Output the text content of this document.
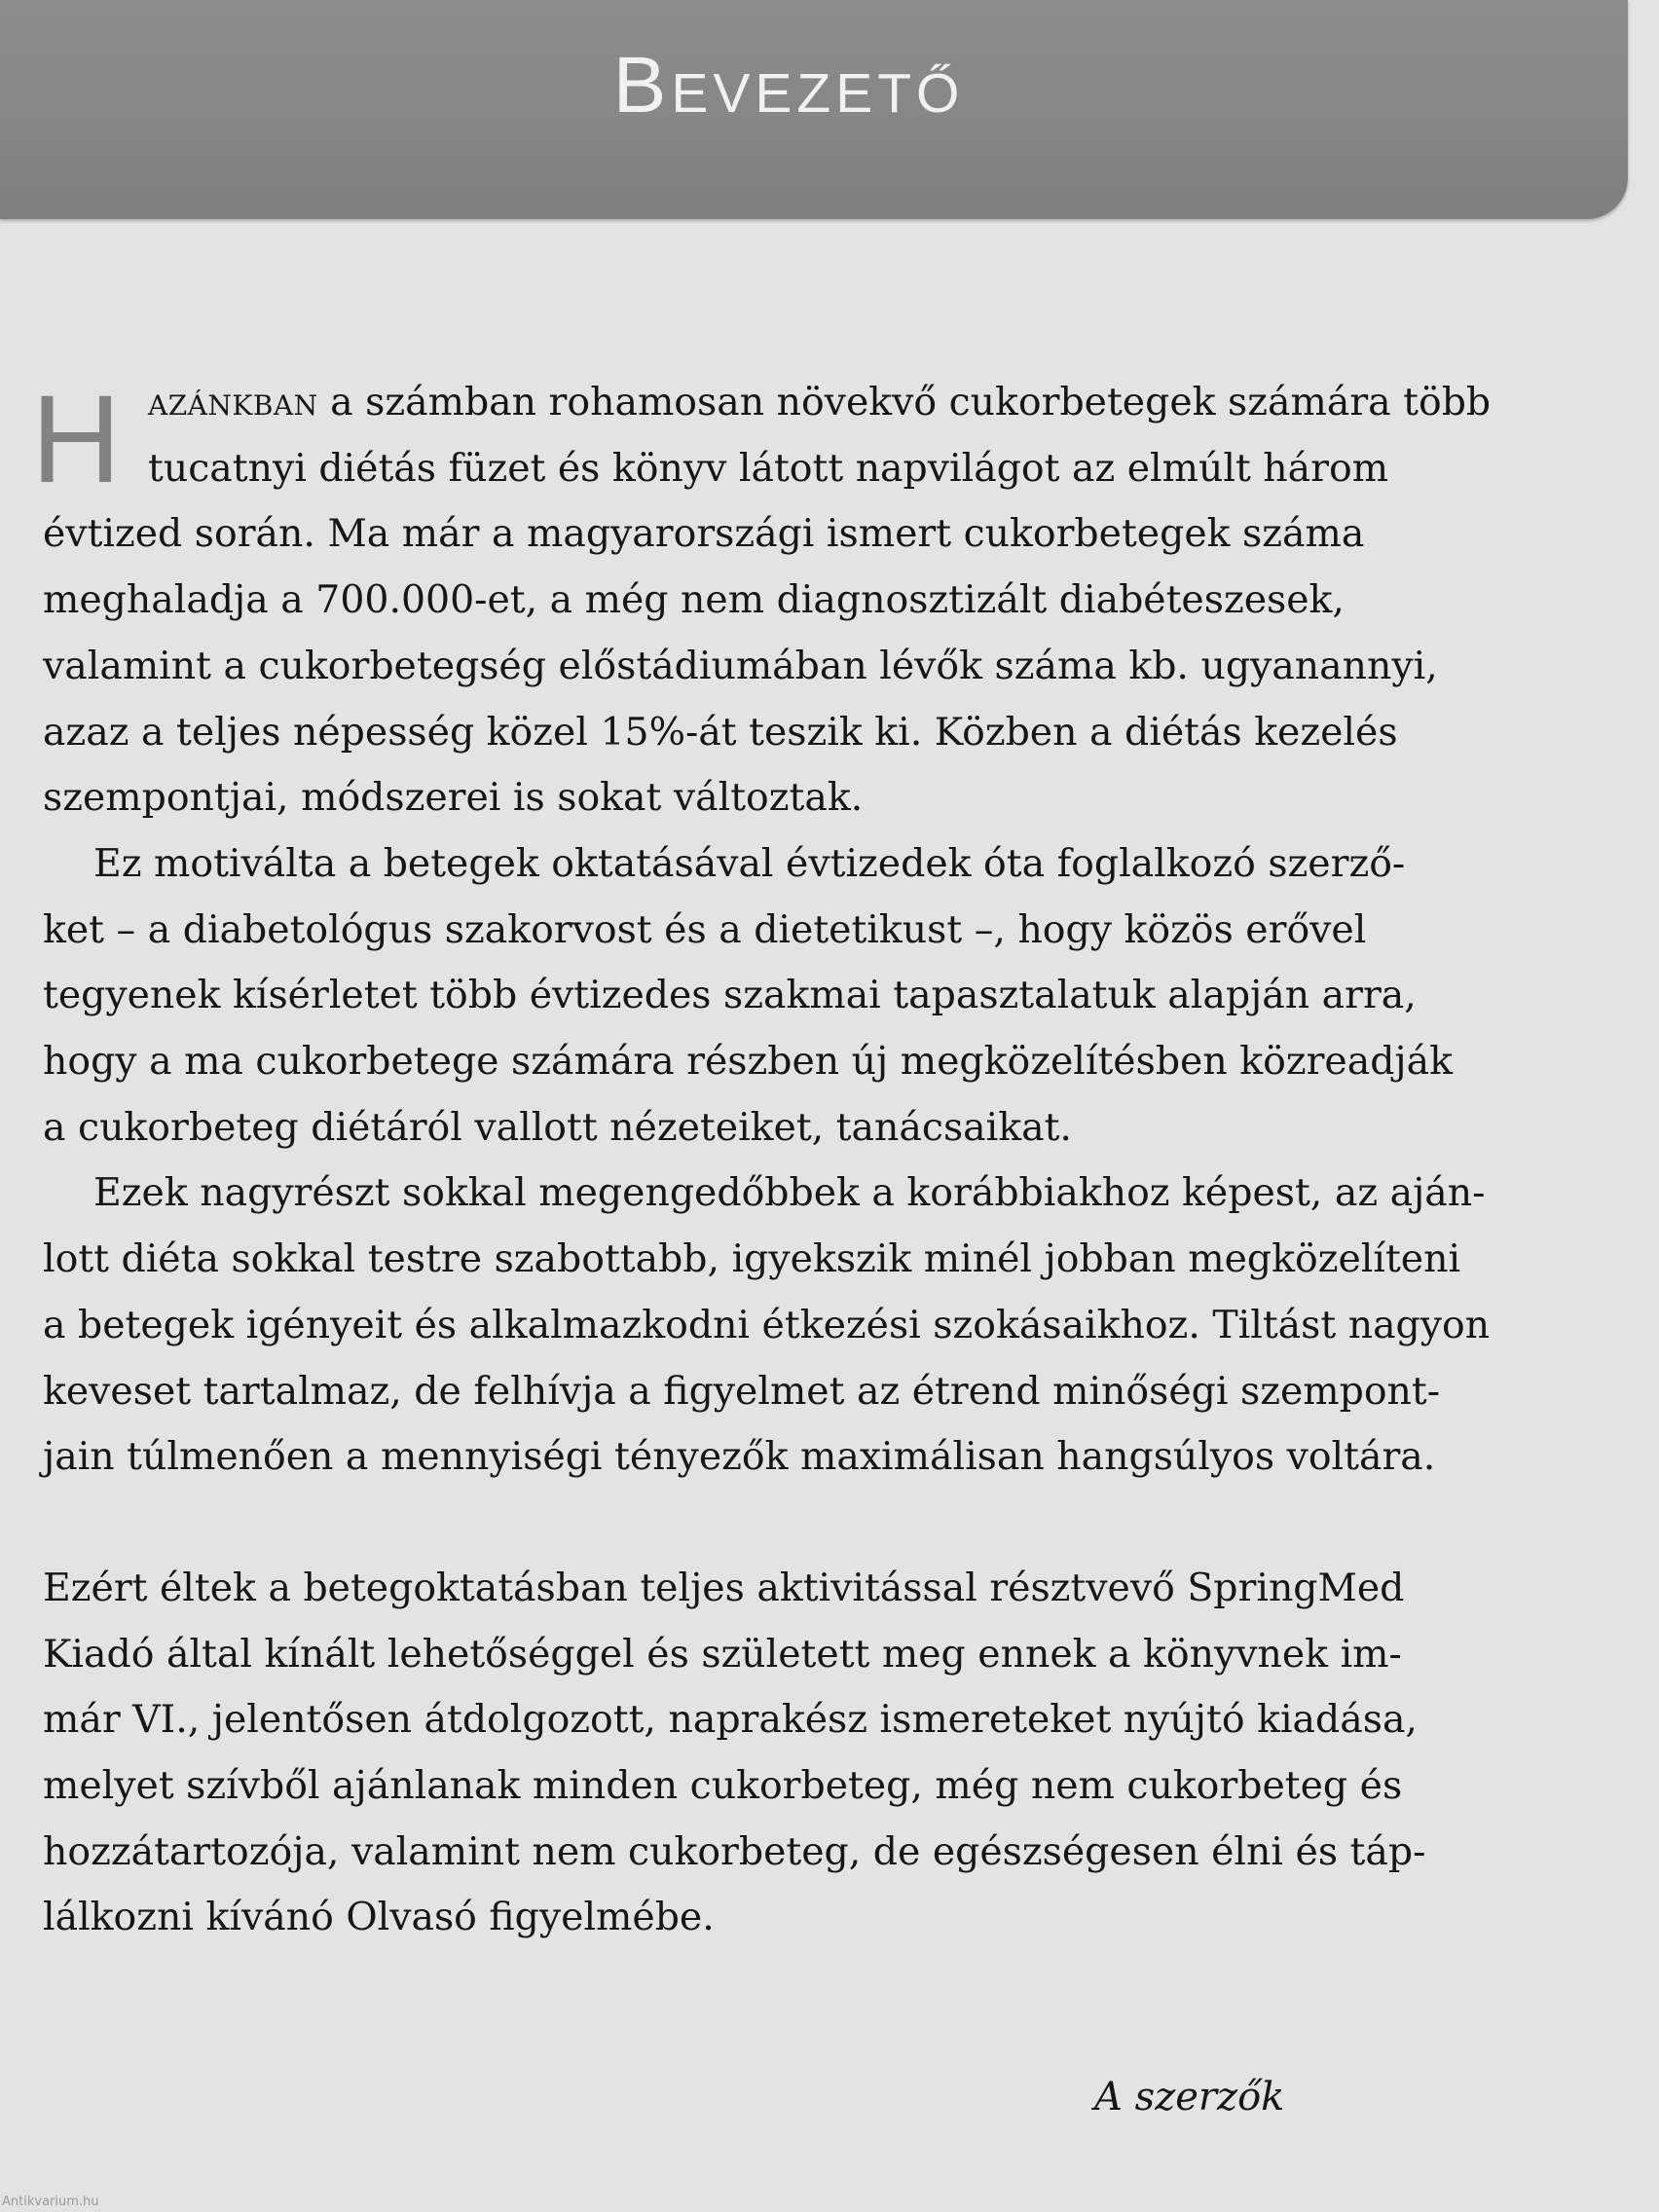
Bevezető
H azánkban a számban rohamosan növekvő cukorbetegek számára több
tucatnyi diétás füzet és könyv látott napvilágot az elmúlt három
évtized során. Ma már a magyarországi ismert cukorbetegek száma
meghaladja a 700.000-et, a még nem diagnosztizált diabéteszesek,
valamint a cukorbetegség előstádiumában lévők száma kb. ugyanannyi,
azaz a teljes népesség közel 15%-át teszik ki. Közben a diétás kezelés
szempontjai, módszerei is sokat változtak.
Ez motiválta a betegek oktatásával évtizedek óta foglalkozó szerző-
ket – a diabetológus szakorvost és a dietetikust –, hogy közös erővel
tegyenek kísérletet több évtizedes szakmai tapasztalatuk alapján arra,
hogy a ma cukorbetege számára részben új megközelítésben közreadják
a cukorbeteg diétáról vallott nézeteiket, tanácsaikat.
Ezek nagyrészt sokkal megengedőbbek a korábbiakhoz képest, az aján-
lott diéta sokkal testre szabottabb, igyekszik minél jobban megközelíteni
a betegek igényeit és alkalmazkodni étkezési szokásaikhoz. Tiltást nagyon
keveset tartalmaz, de felhívja a figyelmet az étrend minőségi szempont-
jain túlmenően a mennyiségi tényezők maximálisan hangsúlyos voltára.
Ezért éltek a betegoktatásban teljes aktivitással résztvevő SpringMed
Kiadó által kínált lehetőséggel és született meg ennek a könyvnek im-
már VI., jelentősen átdolgozott, naprakész ismereteket nyújtó kiadása,
melyet szívből ajánlanak minden cukorbeteg, még nem cukorbeteg és
hozzátartozója, valamint nem cukorbeteg, de egészségesen élni és táp-
lálkozni kívánó Olvasó figyelmébe.
A szerzők
Antikvarium.hu
